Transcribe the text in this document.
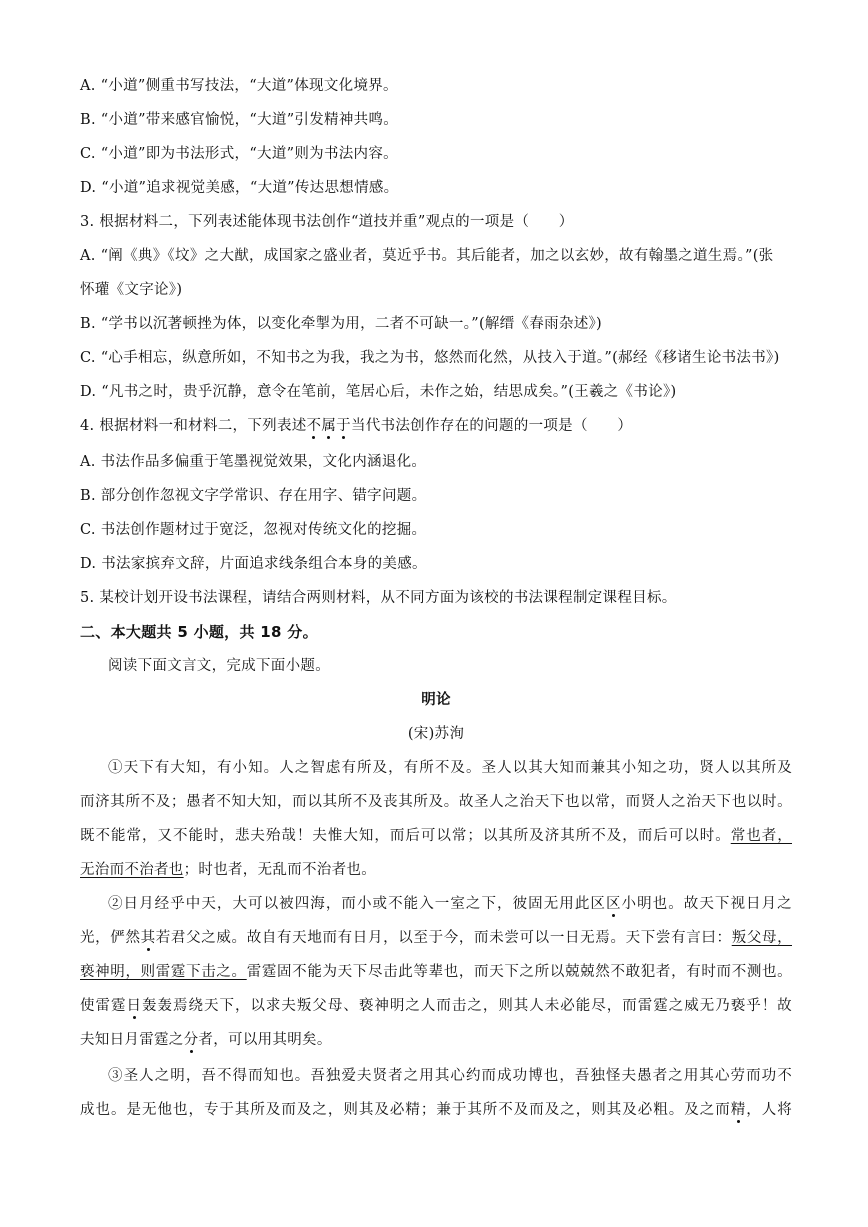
A. “小道”侧重书写技法，“大道”体现文化境界。
B. “小道”带来感官愉悦，“大道”引发精神共鸣。
C. “小道”即为书法形式，“大道”则为书法内容。
D. “小道”追求视觉美感，“大道”传达思想情感。
3. 根据材料二，下列表述能体现书法创作“道技并重”观点的一项是（　　）
A. “阐《典》《坟》之大猷，成国家之盛业者，莫近乎书。其后能者，加之以玄妙，故有翰墨之道生焉。”(张
怀瓘《文字论》)
B. “学书以沉著顿挫为体，以变化牵掣为用，二者不可缺一。”(解缙《春雨杂述》)
C. “心手相忘，纵意所如，不知书之为我，我之为书，悠然而化然，从技入于道。”(郝经《移诸生论书法书》)
D. “凡书之时，贵乎沉静，意令在笔前，笔居心后，未作之始，结思成矣。”(王羲之《书论》)
4. 根据材料一和材料二，下列表述不属于当代书法创作存在的问题的一项是（　　）
A. 书法作品多偏重于笔墨视觉效果，文化内涵退化。
B. 部分创作忽视文字学常识、存在用字、错字问题。
C. 书法创作题材过于宽泛，忽视对传统文化的挖掘。
D. 书法家摈弃文辞，片面追求线条组合本身的美感。
5. 某校计划开设书法课程，请结合两则材料，从不同方面为该校的书法课程制定课程目标。
二、本大题共 5 小题，共 18 分。
阅读下面文言文，完成下面小题。
明论
(宋)苏洵
①天下有大知，有小知。人之智虑有所及，有所不及。圣人以其大知而兼其小知之功，贤人以其所及
而济其所不及；愚者不知大知，而以其所不及丧其所及。故圣人之治天下也以常，而贤人之治天下也以时。
既不能常，又不能时，悲夫殆哉！夫惟大知，而后可以常；以其所及济其所不及，而后可以时。常也者，
无治而不治者也；时也者，无乱而不治者也。
②日月经乎中天，大可以被四海，而小或不能入一室之下，彼固无用此区区小明也。故天下视日月之
光，俨然其若君父之威。故自有天地而有日月，以至于今，而未尝可以一日无焉。天下尝有言曰：叛父母，
亵神明，则雷霆下击之。雷霆固不能为天下尽击此等辈也，而天下之所以兢兢然不敢犯者，有时而不测也。
使雷霆日轰轰焉绕天下，以求夫叛父母、亵神明之人而击之，则其人未必能尽，而雷霆之威无乃亵乎！故
夫知日月雷霆之分者，可以用其明矣。
③圣人之明，吾不得而知也。吾独爱夫贤者之用其心约而成功博也，吾独怪夫愚者之用其心劳而功不
成也。是无他也，专于其所及而及之，则其及必精；兼于其所不及而及之，则其及必粗。及之而精，人将
